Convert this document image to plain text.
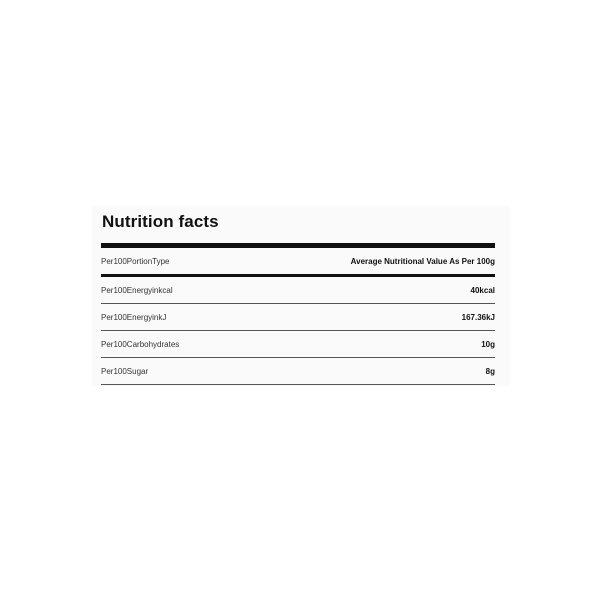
Nutrition facts
Per100PortionType	Average Nutritional Value As Per 100g
Per100Energyinkcal	40kcal
Per100EnergyinkJ	167.36kJ
Per100Carbohydrates	10g
Per100Sugar	8g
